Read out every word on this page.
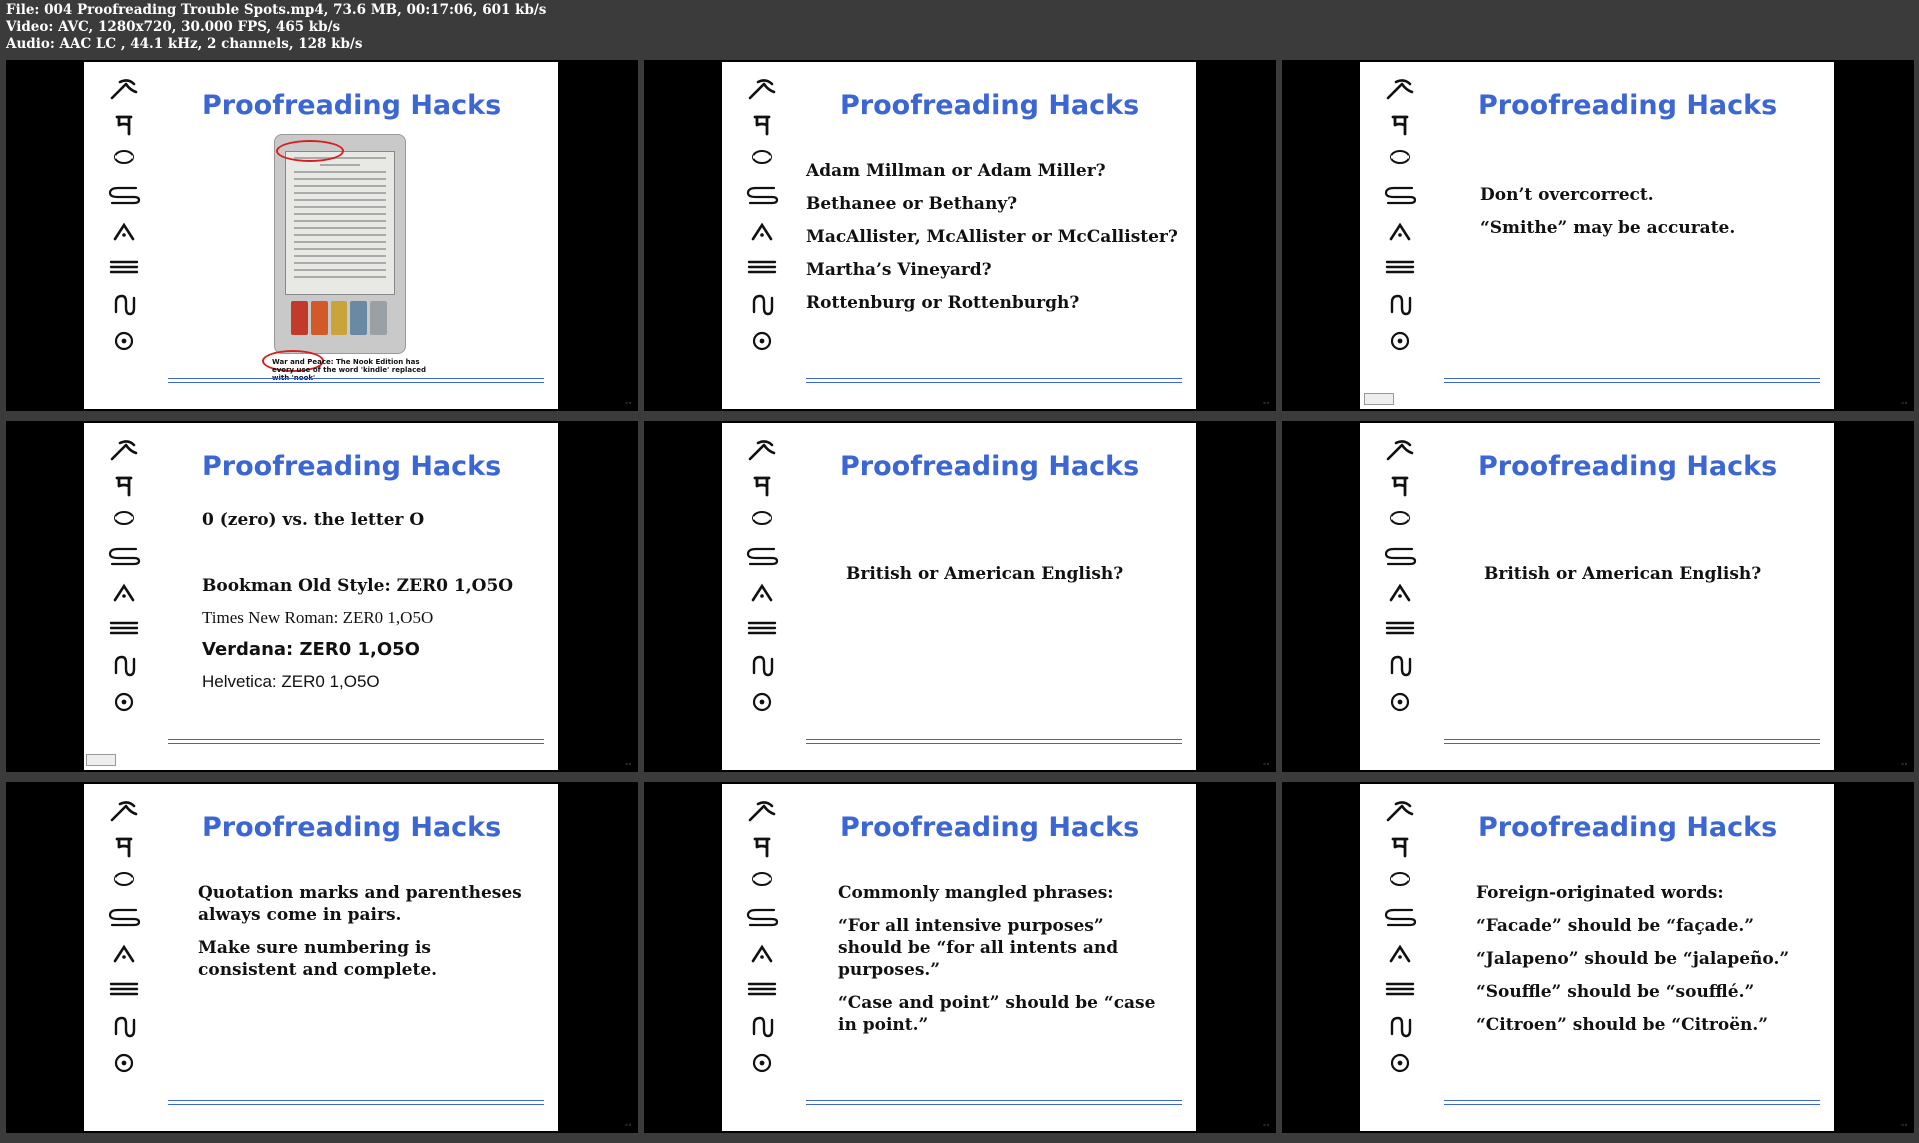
File: 004 Proofreading Trouble Spots.mp4, 73.6 MB, 00:17:06, 601 kb/s
Video: AVC, 1280x720, 30.000 FPS, 465 kb/s
Audio: AAC LC , 44.1 kHz, 2 channels, 128 kb/s
Proofreading Hacks
War and Peace: The Nook Edition has every use of the word 'kindle' replaced with 'nook'
◦◦
Proofreading Hacks
Adam Millman or Adam Miller?
Bethanee or Bethany?
MacAllister, McAllister or McCallister?
Martha’s Vineyard?
Rottenburg or Rottenburgh?
◦◦
Proofreading Hacks
Don’t overcorrect.
“Smithe” may be accurate.
◦◦
Proofreading Hacks
0 (zero) vs. the letter O
Bookman Old Style: ZER0 1,O5O
Times New Roman: ZER0 1,O5O
Verdana: ZER0 1,O5O
Helvetica: ZER0 1,O5O
◦◦
Proofreading Hacks
British or American English?
◦◦
Proofreading Hacks
British or American English?
◦◦
Proofreading Hacks
Quotation marks and parentheses always come in pairs.
Make sure numbering is consistent and complete.
◦◦
Proofreading Hacks
Commonly mangled phrases:
“For all intensive purposes” should be “for all intents and purposes.”
“Case and point” should be “case in point.”
◦◦
Proofreading Hacks
Foreign-originated words:
“Facade” should be “façade.”
“Jalapeno” should be “jalapeño.”
“Souffle” should be “soufflé.”
“Citroen” should be “Citroën.”
◦◦
